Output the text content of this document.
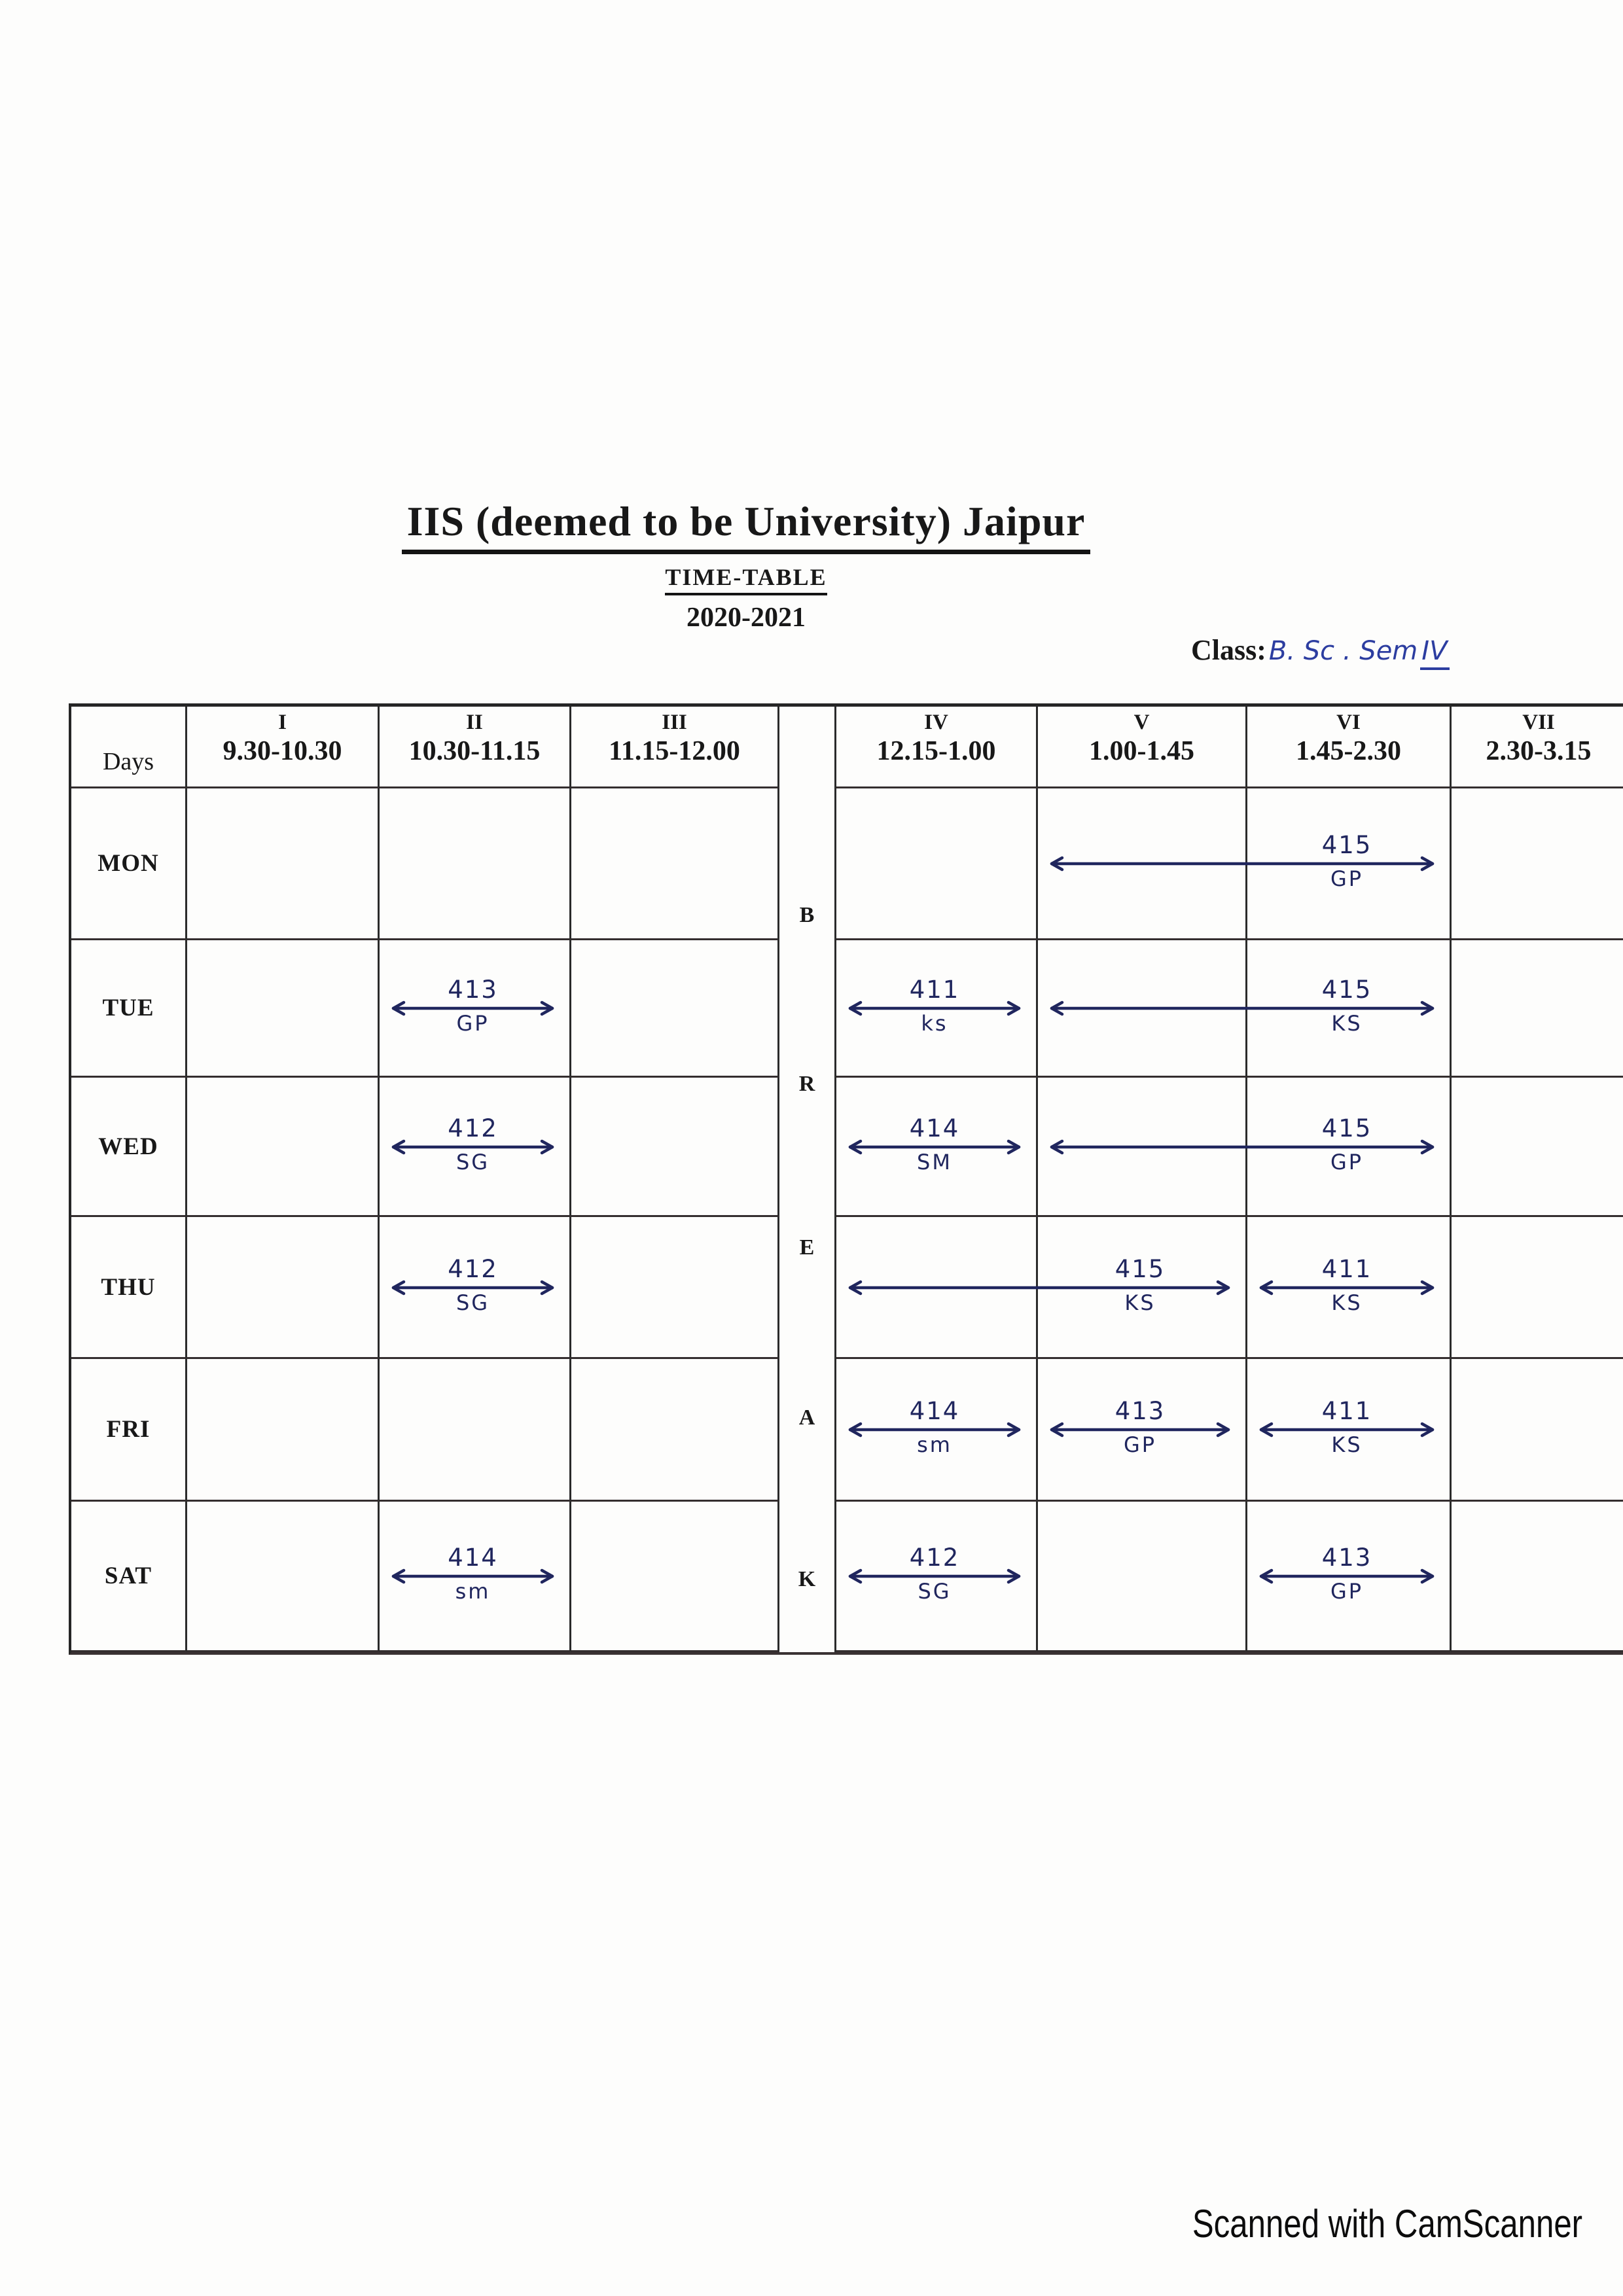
IIS (deemed to be University) Jaipur
TIME-TABLE
2020-2021
Class: B. Sc . Sem IV
Days
I
9.30-10.30
II
10.30-11.15
III
11.15-12.00
IV
12.15-1.00
V
1.00-1.45
VI
1.45-2.30
VII
2.30-3.15
MON
TUE
WED
THU
FRI
SAT
B
R
E
A
K
415
GP
413
GP
411
ks
415
KS
412
SG
414
SM
415
GP
412
SG
415
KS
411
KS
414
sm
413
GP
411
KS
414
sm
412
SG
413
GP
Scanned with CamScanner
